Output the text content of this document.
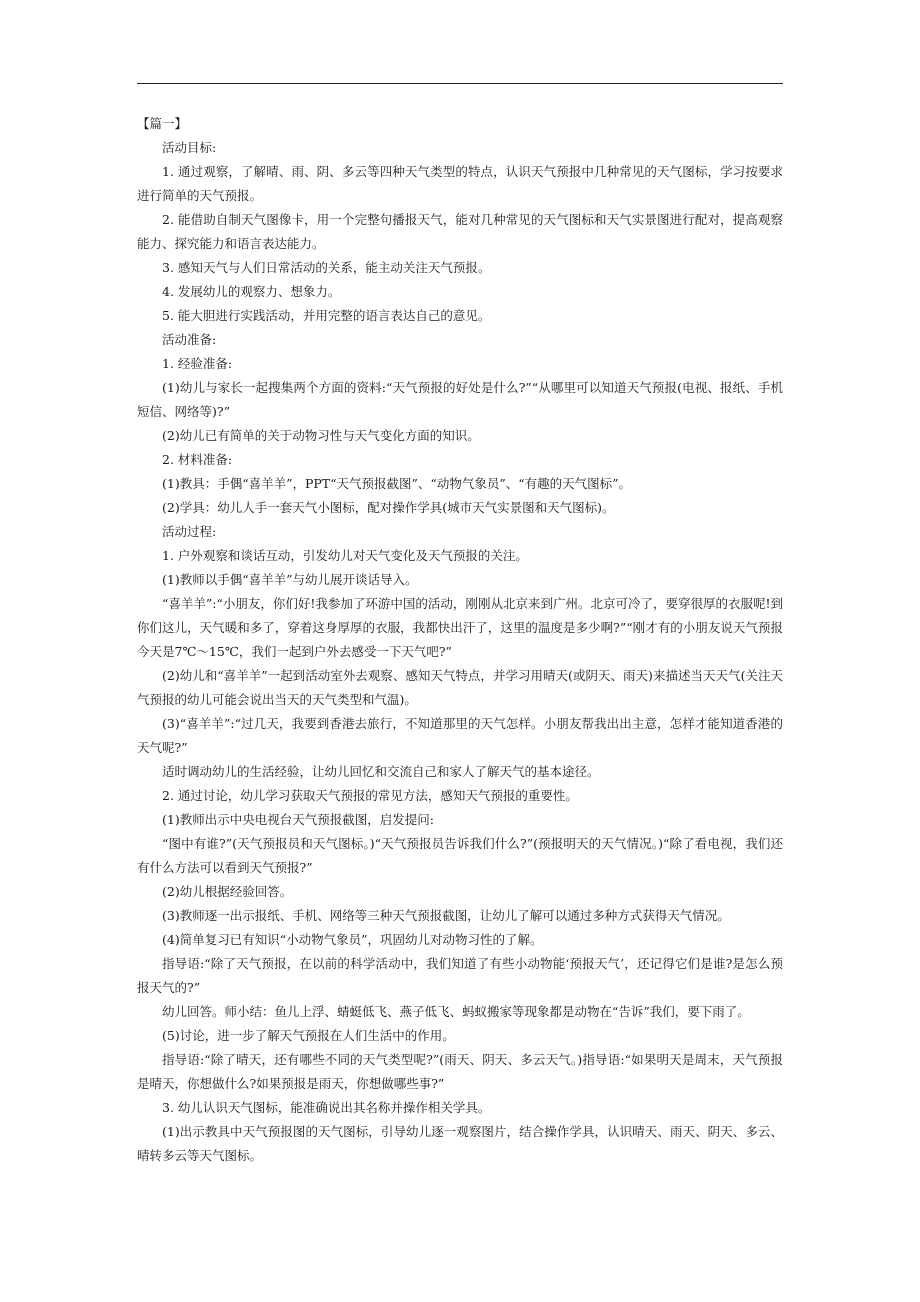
【篇一】

活动目标:

1. 通过观察，了解晴、雨、阴、多云等四种天气类型的特点，认识天气预报中几种常见的天气图标，学习按要求进行简单的天气预报。

2. 能借助自制天气图像卡，用一个完整句播报天气，能对几种常见的天气图标和天气实景图进行配对，提高观察能力、探究能力和语言表达能力。

3. 感知天气与人们日常活动的关系，能主动关注天气预报。

4. 发展幼儿的观察力、想象力。

5. 能大胆进行实践活动，并用完整的语言表达自己的意见。

活动准备:

1. 经验准备:

(1)幼儿与家长一起搜集两个方面的资料:“天气预报的好处是什么?”“从哪里可以知道天气预报(电视、报纸、手机短信、网络等)?”

(2)幼儿已有简单的关于动物习性与天气变化方面的知识。

2. 材料准备:

(1)教具：手偶“喜羊羊”，PPT“天气预报截图”、“动物气象员”、“有趣的天气图标”。

(2)学具：幼儿人手一套天气小图标，配对操作学具(城市天气实景图和天气图标)。

活动过程:

1. 户外观察和谈话互动，引发幼儿对天气变化及天气预报的关注。

(1)教师以手偶“喜羊羊”与幼儿展开谈话导入。

“喜羊羊”:“小朋友，你们好!我参加了环游中国的活动，刚刚从北京来到广州。北京可冷了，要穿很厚的衣服呢!到你们这儿，天气暖和多了，穿着这身厚厚的衣服，我都快出汗了，这里的温度是多少啊?”“刚才有的小朋友说天气预报今天是7℃～15℃，我们一起到户外去感受一下天气吧?”

(2)幼儿和“喜羊羊”一起到活动室外去观察、感知天气特点，并学习用晴天(或阴天、雨天)来描述当天天气(关注天气预报的幼儿可能会说出当天的天气类型和气温)。

(3)“喜羊羊”:“过几天，我要到香港去旅行，不知道那里的天气怎样。小朋友帮我出出主意，怎样才能知道香港的天气呢?”

适时调动幼儿的生活经验，让幼儿回忆和交流自己和家人了解天气的基本途径。

2. 通过讨论，幼儿学习获取天气预报的常见方法，感知天气预报的重要性。

(1)教师出示中央电视台天气预报截图，启发提问:

“图中有谁?”(天气预报员和天气图标。)“天气预报员告诉我们什么?”(预报明天的天气情况。)“除了看电视，我们还有什么方法可以看到天气预报?”

(2)幼儿根据经验回答。

(3)教师逐一出示报纸、手机、网络等三种天气预报截图，让幼儿了解可以通过多种方式获得天气情况。

(4)简单复习已有知识“小动物气象员”，巩固幼儿对动物习性的了解。

指导语:“除了天气预报，在以前的科学活动中，我们知道了有些小动物能‘预报天气’，还记得它们是谁?是怎么预报天气的?”

幼儿回答。师小结：鱼儿上浮、蜻蜓低飞、燕子低飞、蚂蚁搬家等现象都是动物在“告诉”我们，要下雨了。

(5)讨论，进一步了解天气预报在人们生活中的作用。

指导语:“除了晴天，还有哪些不同的天气类型呢?”(雨天、阴天、多云天气。)指导语:“如果明天是周末，天气预报是晴天，你想做什么?如果预报是雨天，你想做哪些事?”

3. 幼儿认识天气图标，能准确说出其名称并操作相关学具。

(1)出示教具中天气预报图的天气图标，引导幼儿逐一观察图片，结合操作学具，认识晴天、雨天、阴天、多云、晴转多云等天气图标。
